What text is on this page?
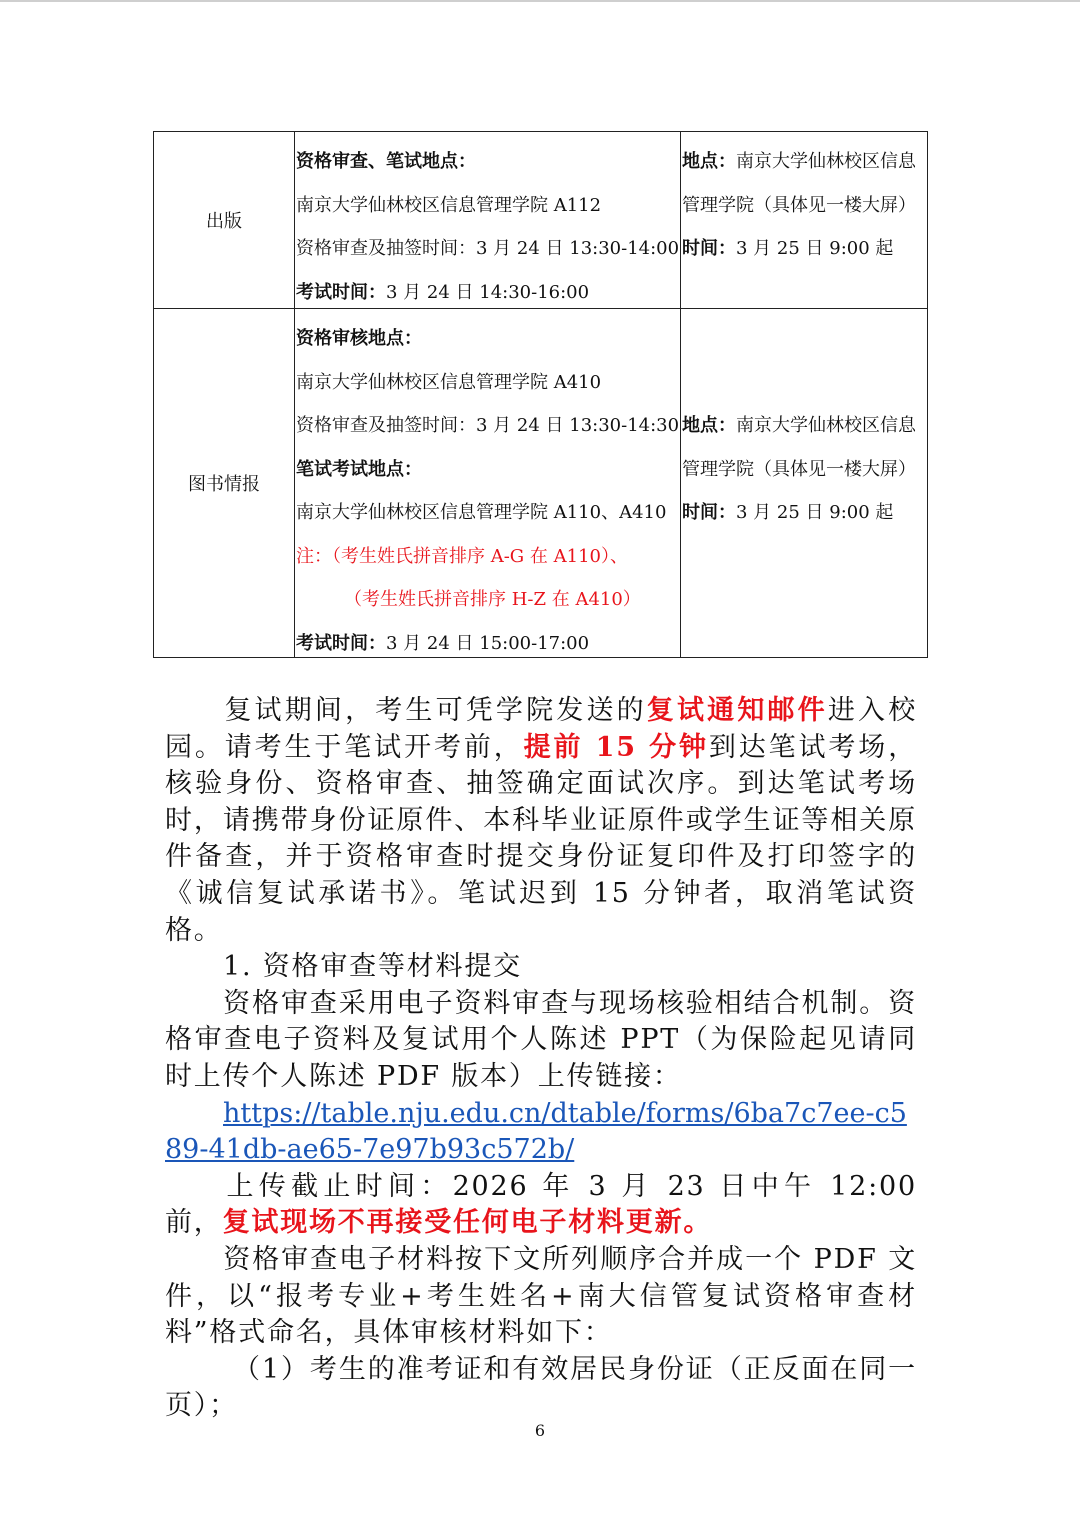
出版
资格审查、笔试地点：
南京大学仙林校区信息管理学院 A112
资格审查及抽签时间：3 月 24 日 13:30-14:00
考试时间：3 月 24 日 14:30-16:00
地点：南京大学仙林校区信息
管理学院（具体见一楼大屏）
时间：3 月 25 日 9:00 起
图书情报
资格审核地点：
南京大学仙林校区信息管理学院 A410
资格审查及抽签时间：3 月 24 日 13:30-14:30
笔试考试地点：
南京大学仙林校区信息管理学院 A110、A410
注：（考生姓氏拼音排序 A-G 在 A110）、
（考生姓氏拼音排序 H-Z 在 A410）
考试时间：3 月 24 日 15:00-17:00
地点：南京大学仙林校区信息
管理学院（具体见一楼大屏）
时间：3 月 25 日 9:00 起
复试期间，考生可凭学院发送的复试通知邮件进入校园。请考生于笔试开考前，提前 15 分钟到达笔试考场，核验身份、资格审查、抽签确定面试次序。到达笔试考场时，请携带身份证原件、本科毕业证原件或学生证等相关原件备查，并于资格审查时提交身份证复印件及打印签字的《诚信复试承诺书》。笔试迟到 15 分钟者，取消笔试资格。
1. 资格审查等材料提交
资格审查采用电子资料审查与现场核验相结合机制。资格审查电子资料及复试用个人陈述 PPT（为保险起见请同时上传个人陈述 PDF 版本）上传链接：
https://table.nju.edu.cn/dtable/forms/6ba7c7ee-c589-41db-ae65-7e97b93c572b/
上传截止时间：2026 年 3 月 23 日中午 12:00 前，复试现场不再接受任何电子材料更新。
资格审查电子材料按下文所列顺序合并成一个 PDF 文件，以“报考专业+考生姓名+南大信管复试资格审查材料”格式命名，具体审核材料如下：
（1）考生的准考证和有效居民身份证（正反面在同一页）；
6
